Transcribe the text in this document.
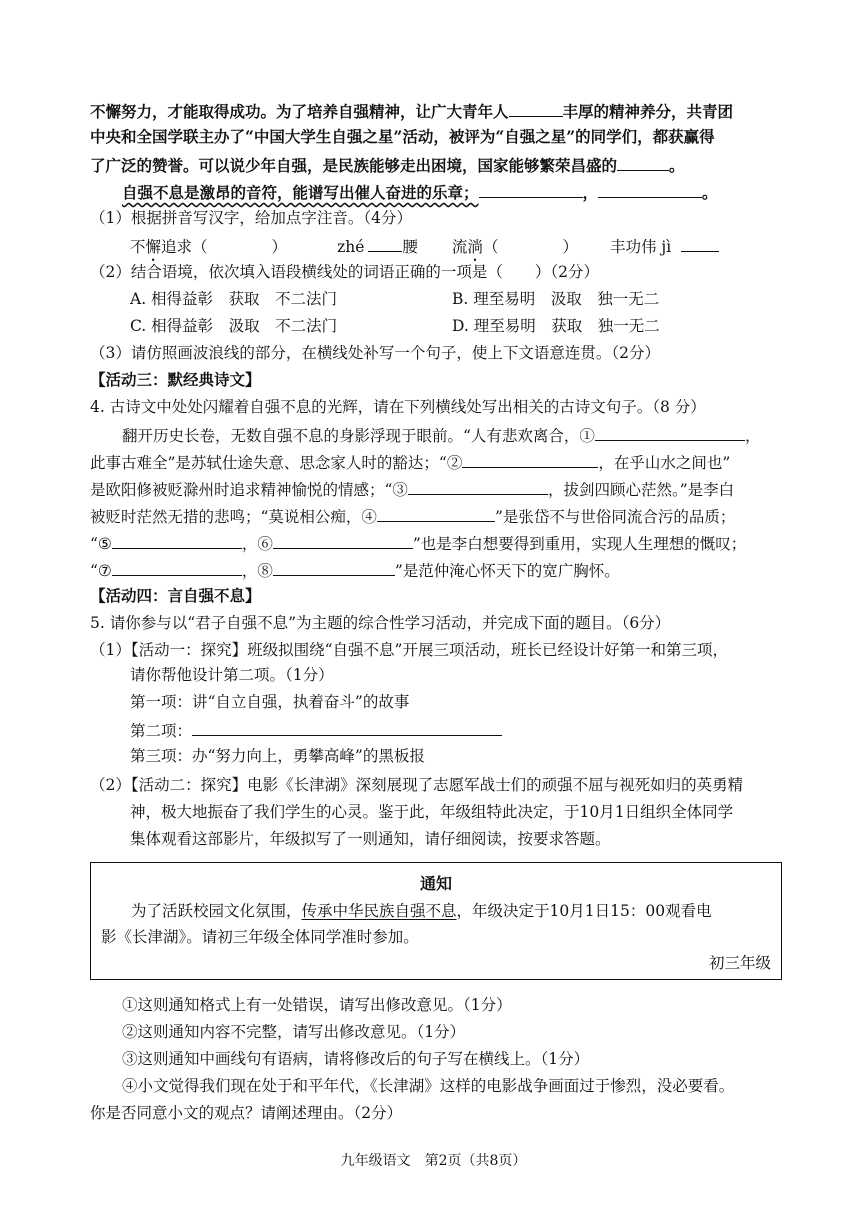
不懈努力，才能取得成功。为了培养自强精神，让广大青年人	丰厚的精神养分，共青团
中央和全国学联主办了“中国大学生自强之星”活动，被评为“自强之星”的同学们，都获赢得
了广泛的赞誉。可以说少年自强，是民族能够走出困境，国家能够繁荣昌盛的	。
自强不息是激昂的音符，能谱写出催人奋进的乐章；	，	。
（1）根据拼音写汉字，给加点字注音。（4分）
不懈追求（	）	zhé 腰 流淌（	） 丰功伟 jì
（2）结合语境，依次填入语段横线处的词语正确的一项是（ ）（2分）
A. 相得益彰　获取　不二法门	B. 理至易明　汲取　独一无二
C. 相得益彰　汲取　不二法门	D. 理至易明　获取　独一无二
（3）请仿照画波浪线的部分，在横线处补写一个句子，使上下文语意连贯。（2分）
【活动三：默经典诗文】
4. 古诗文中处处闪耀着自强不息的光辉，请在下列横线处写出相关的古诗文句子。（8 分）
翻开历史长卷，无数自强不息的身影浮现于眼前。“人有悲欢离合，①	，
此事古难全”是苏轼仕途失意、思念家人时的豁达；“②	，在乎山水之间也”
是欧阳修被贬滁州时追求精神愉悦的情感；“③	，拔剑四顾心茫然。”是李白
被贬时茫然无措的悲鸣；“莫说相公痴，④	”是张岱不与世俗同流合污的品质；
“⑤	，⑥	”也是李白想要得到重用，实现人生理想的慨叹；
“⑦	，⑧	”是范仲淹心怀天下的宽广胸怀。
【活动四：言自强不息】
5. 请你参与以“君子自强不息”为主题的综合性学习活动，并完成下面的题目。（6分）
（1）【活动一：探究】班级拟围绕“自强不息”开展三项活动，班长已经设计好第一和第三项，
请你帮他设计第二项。（1分）
第一项：讲“自立自强，执着奋斗”的故事
第二项：
第三项：办“努力向上，勇攀高峰”的黑板报
（2）【活动二：探究】电影《长津湖》深刻展现了志愿军战士们的顽强不屈与视死如归的英勇精
神，极大地振奋了我们学生的心灵。鉴于此，年级组特此决定，于10月1日组织全体同学
集体观看这部影片，年级拟写了一则通知，请仔细阅读，按要求答题。
通知
为了活跃校园文化氛围，传承中华民族自强不息，年级决定于10月1日15：00观看电
影《长津湖》。请初三年级全体同学准时参加。
初三年级
①这则通知格式上有一处错误，请写出修改意见。（1分）
②这则通知内容不完整，请写出修改意见。（1分）
③这则通知中画线句有语病，请将修改后的句子写在横线上。（1分）
④小文觉得我们现在处于和平年代，《长津湖》这样的电影战争画面过于惨烈，没必要看。
你是否同意小文的观点？请阐述理由。（2分）
九年级语文　第2页（共8页）
